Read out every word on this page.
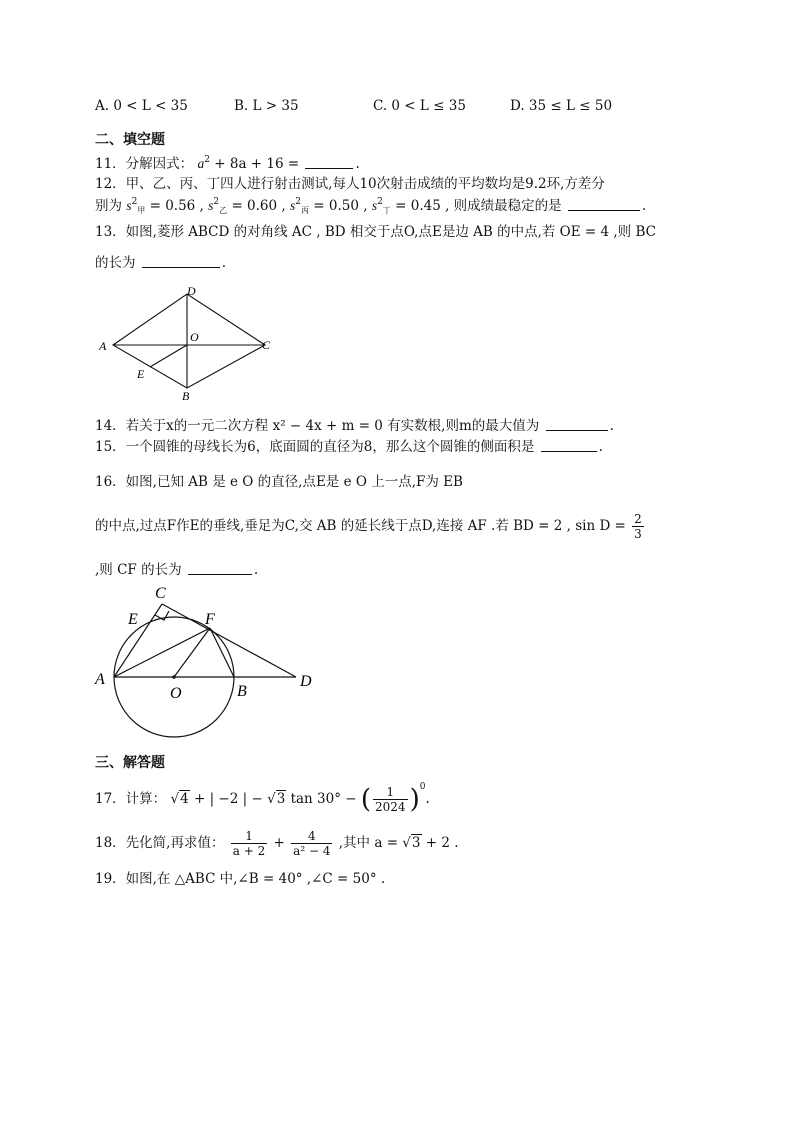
A. 0 < L < 35	B. L > 35	C. 0 < L ≤ 35	D. 35 ≤ L ≤ 50
二、填空题
11．分解因式： $a^2 + 8a + 16$ =	.
12．甲、乙、丙、丁四人进行射击测试,每人10次射击成绩的平均数均是9.2环,方差分
别为 $s^2_甲 = 0.56$ , $s^2_乙 = 0.60$ , $s^2_丙 = 0.50$ , $s^2_丁 = 0.45$ , 则成绩最稳定的是	.
13．如图,菱形 ABCD 的对角线 AC , BD 相交于点O,点E是边 AB 的中点,若 OE = 4 ,则 BC
的长为	.
A
D
C
O
E
B
14．若关于x的一元二次方程 x² − 4x + m = 0 有实数根,则m的最大值为	.
15．一个圆锥的母线长为6，底面圆的直径为8，那么这个圆锥的侧面积是	.
16．如图,已知 AB 是 e O 的直径,点E是 e O 上一点,F为 EB
的中点,过点F作E的垂线,垂足为C,交 AB 的延长线于点D,连接 AF .若 BD = 2 , $\sin D = \frac{2}{3}$
,则 CF 的长为	.
A
C
E	F
O	B
D
三、解答题
17．计算： √4 + | −2 | − √3 tan 30° − ( $\frac{1}{2024} )^0$.
18．先化简,再求值： $\frac{1}{a + 2} + \frac{4}{\text{a² − 4}}$ ,其中 a = √3 + 2 .
19．如图,在 △ABC 中,∠B = 40° ,∠C = 50° .
